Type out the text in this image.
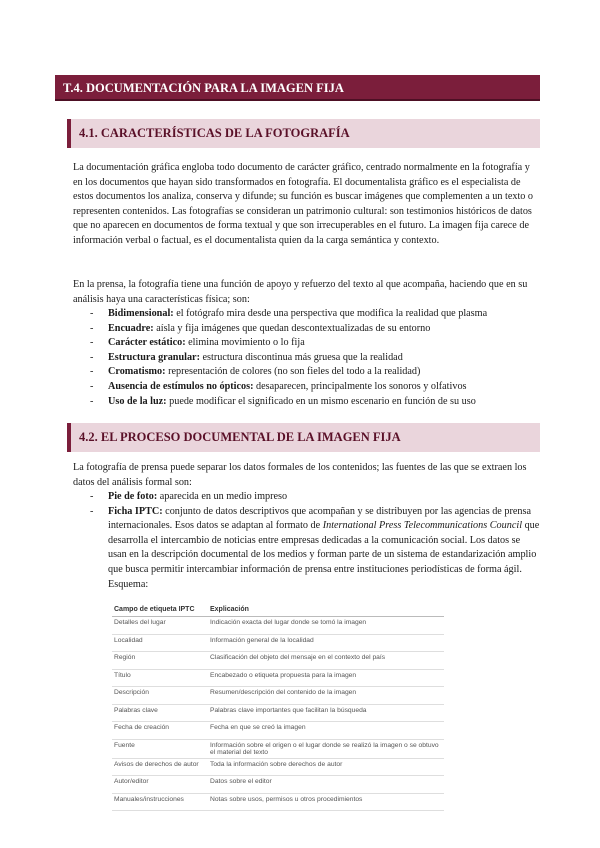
T.4. DOCUMENTACIÓN PARA LA IMAGEN FIJA
4.1. CARACTERÍSTICAS DE LA FOTOGRAFÍA

La documentación gráfica engloba todo documento de carácter gráfico, centrado normalmente en la fotografía y en los documentos que hayan sido transformados en fotografía. El documentalista gráfico es el especialista de estos documentos los analiza, conserva y difunde; su función es buscar imágenes que complementen a un texto o representen contenidos. Las fotografías se consideran un patrimonio cultural: son testimonios históricos de datos que no aparecen en documentos de forma textual y que son irrecuperables en el futuro. La imagen fija carece de información verbal o factual, es el documentalista quien da la carga semántica y contexto.

En la prensa, la fotografía tiene una función de apoyo y refuerzo del texto al que acompaña, haciendo que en su análisis haya una características física; son:

- Bidimensional: el fotógrafo mira desde una perspectiva que modifica la realidad que plasma
- Encuadre: aísla y fija imágenes que quedan descontextualizadas de su entorno
- Carácter estático: elimina movimiento o lo fija
- Estructura granular: estructura discontinua más gruesa que la realidad
- Cromatismo: representación de colores (no son fieles del todo a la realidad)
- Ausencia de estímulos no ópticos: desaparecen, principalmente los sonoros y olfativos
- Uso de la luz: puede modificar el significado en un mismo escenario en función de su uso
4.2. EL PROCESO DOCUMENTAL DE LA IMAGEN FIJA

La fotografía de prensa puede separar los datos formales de los contenidos; las fuentes de las que se extraen los datos del análisis formal son:

- Pie de foto: aparecida en un medio impreso
- Ficha IPTC: conjunto de datos descriptivos que acompañan y se distribuyen por las agencias de prensa internacionales. Esos datos se adaptan al formato de International Press Telecommunications Council que desarrolla el intercambio de noticias entre empresas dedicadas a la comunicación social. Los datos se usan en la descripción documental de los medios y forman parte de un sistema de estandarización amplio que busca permitir intercambiar información de prensa entre instituciones periodísticas de forma ágil. Esquema:
Campo de etiqueta IPTC	Explicación
Detalles del lugar	Indicación exacta del lugar donde se tomó la imagen
Localidad	Información general de la localidad
Región	Clasificación del objeto del mensaje en el contexto del país
Título	Encabezado o etiqueta propuesta para la imagen
Descripción	Resumen/descripción del contenido de la imagen
Palabras clave	Palabras clave importantes que facilitan la búsqueda
Fecha de creación	Fecha en que se creó la imagen
Fuente	Información sobre el origen o el lugar donde se realizó la imagen o se obtuvo el material del texto
Avisos de derechos de autor	Toda la información sobre derechos de autor
Autor/editor	Datos sobre el editor
Manuales/instrucciones	Notas sobre usos, permisos u otros procedimientos
